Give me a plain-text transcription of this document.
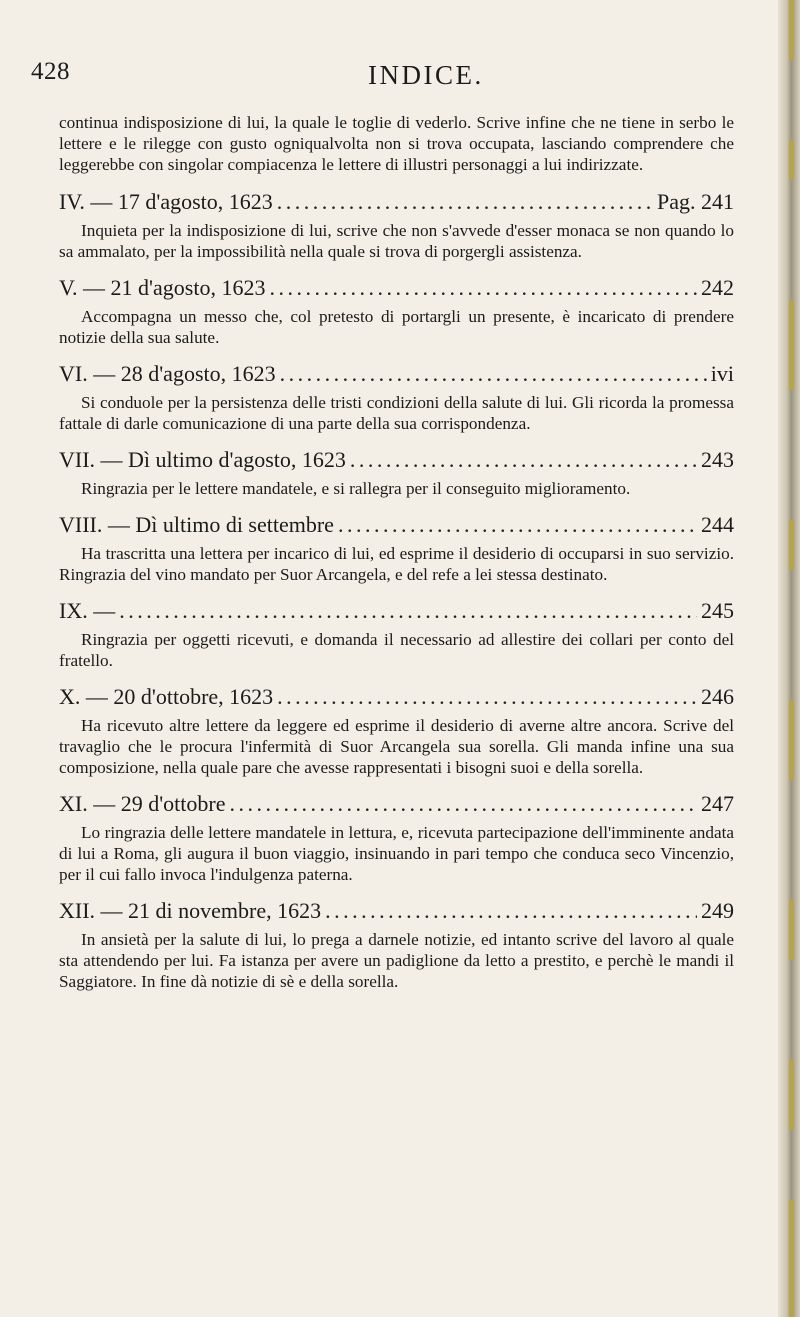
428	INDICE.

continua indisposizione di lui, la quale le toglie di vederlo. Scrive infine che ne tiene in serbo le lettere e le rilegge con gusto ogniqualvolta non si trova occupata, lasciando comprendere che leggerebbe con singolar compiacenza le lettere di illustri personaggi a lui indirizzate.

IV. — 17 d'agosto, 1623 . . .	Pag. 241

Inquieta per la indisposizione di lui, scrive che non s'avvede d'esser monaca se non quando lo sa ammalato, per la impossibilità nella quale si trova di porgergli assistenza.

V. — 21 d'agosto, 1623 . . .	242

Accompagna un messo che, col pretesto di portargli un presente, è incaricato di prendere notizie della sua salute.

VI. — 28 d'agosto, 1623 . . .	ivi

Si conduole per la persistenza delle tristi condizioni della salute di lui. Gli ricorda la promessa fattale di darle comunicazione di una parte della sua corrispondenza.

VII. — Dì ultimo d'agosto, 1623 . . .	243

Ringrazia per le lettere mandatele, e si rallegra per il conseguito miglioramento.

VIII. — Dì ultimo di settembre . . .	244

Ha trascritta una lettera per incarico di lui, ed esprime il desiderio di occuparsi in suo servizio. Ringrazia del vino mandato per Suor Arcangela, e del refe a lei stessa destinato.

IX. — . . .	245

Ringrazia per oggetti ricevuti, e domanda il necessario ad allestire dei collari per conto del fratello.

X. — 20 d'ottobre, 1623 . . .	246

Ha ricevuto altre lettere da leggere ed esprime il desiderio di averne altre ancora. Scrive del travaglio che le procura l'infermità di Suor Arcangela sua sorella. Gli manda infine una sua composizione, nella quale pare che avesse rappresentati i bisogni suoi e della sorella.

XI. — 29 d'ottobre . . .	247

Lo ringrazia delle lettere mandatele in lettura, e, ricevuta partecipazione dell'imminente andata di lui a Roma, gli augura il buon viaggio, insinuando in pari tempo che conduca seco Vincenzio, per il cui fallo invoca l'indulgenza paterna.

XII. — 21 di novembre, 1623 . . .	249

In ansietà per la salute di lui, lo prega a darnele notizie, ed intanto scrive del lavoro al quale sta attendendo per lui. Fa istanza per avere un padiglione da letto a prestito, e perchè le mandi il Saggiatore. In fine dà notizie di sè e della sorella.
